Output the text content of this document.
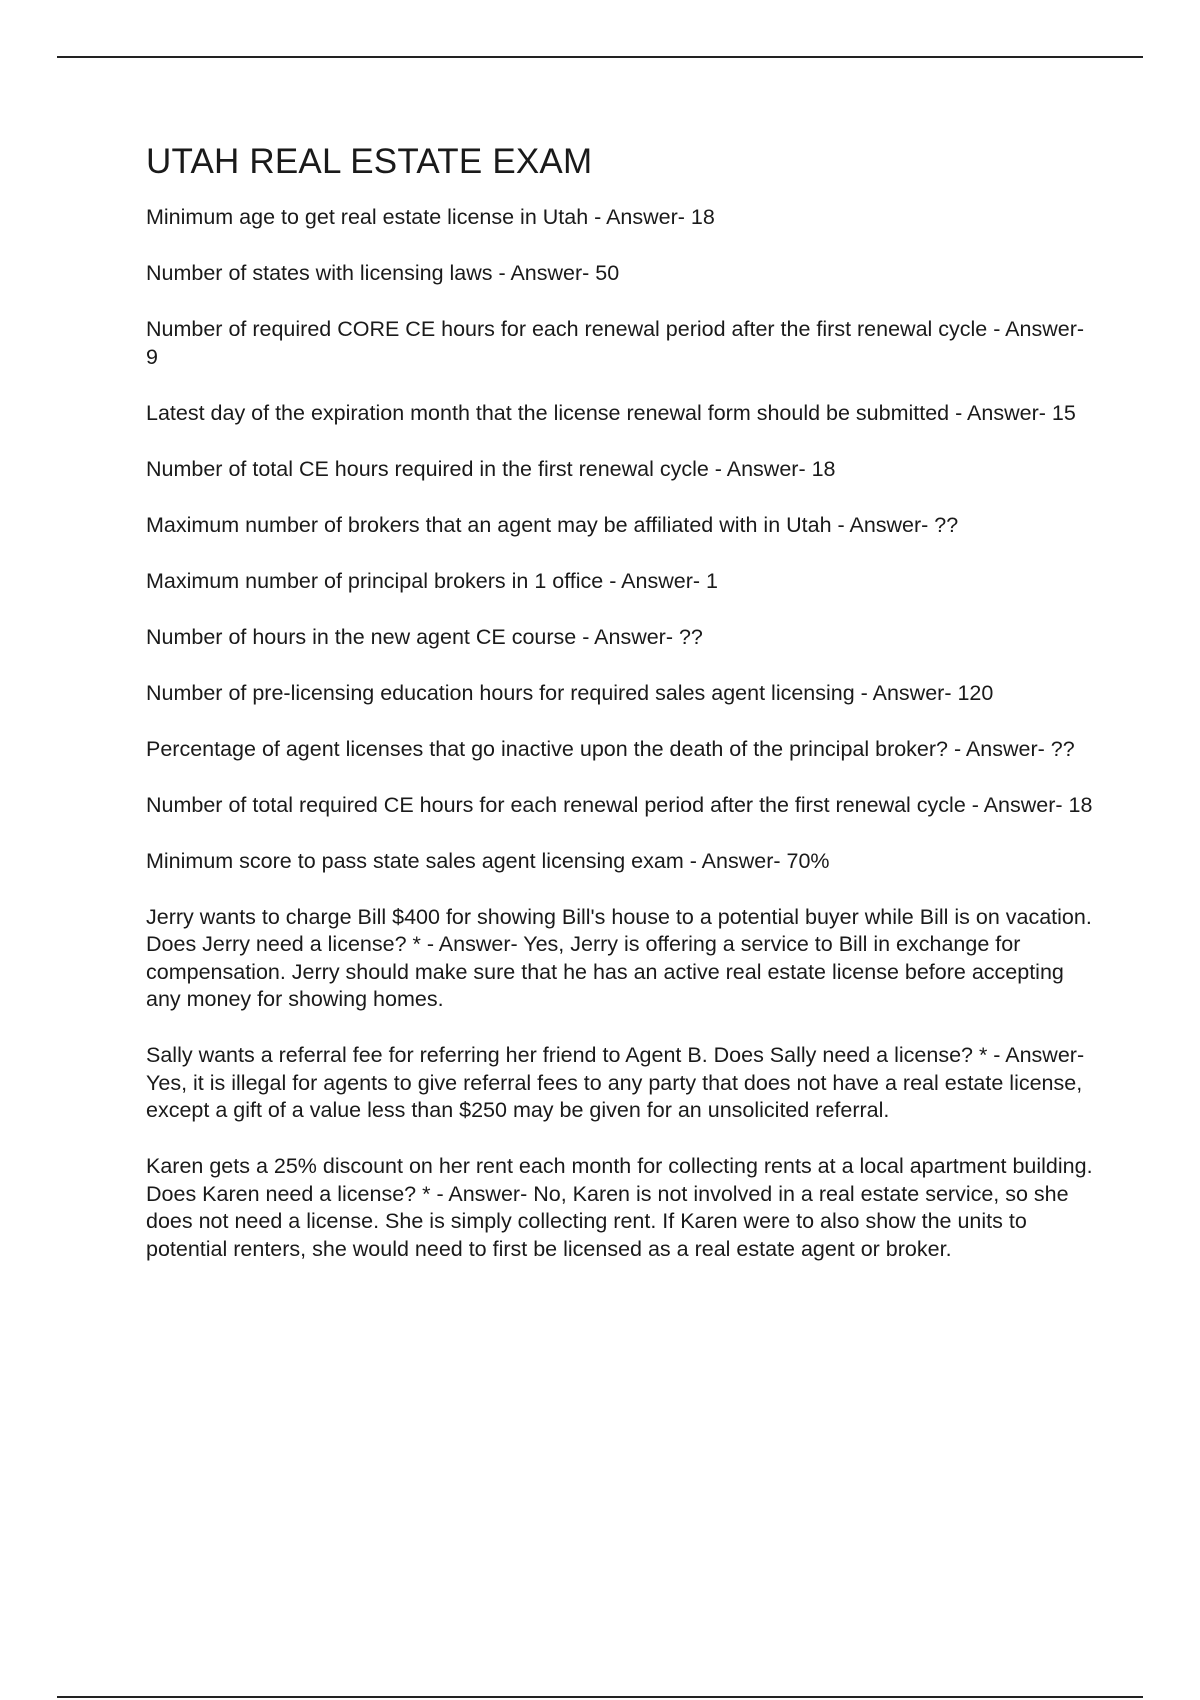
UTAH REAL ESTATE EXAM

Minimum age to get real estate license in Utah - Answer- 18

Number of states with licensing laws - Answer- 50

Number of required CORE CE hours for each renewal period after the first renewal cycle - Answer- 9

Latest day of the expiration month that the license renewal form should be submitted - Answer- 15

Number of total CE hours required in the first renewal cycle - Answer- 18

Maximum number of brokers that an agent may be affiliated with in Utah - Answer- ??

Maximum number of principal brokers in 1 office - Answer- 1

Number of hours in the new agent CE course - Answer- ??

Number of pre-licensing education hours for required sales agent licensing - Answer- 120

Percentage of agent licenses that go inactive upon the death of the principal broker? - Answer- ??

Number of total required CE hours for each renewal period after the first renewal cycle - Answer- 18

Minimum score to pass state sales agent licensing exam - Answer- 70%

Jerry wants to charge Bill $400 for showing Bill's house to a potential buyer while Bill is on vacation. Does Jerry need a license? * - Answer- Yes, Jerry is offering a service to Bill in exchange for compensation. Jerry should make sure that he has an active real estate license before accepting any money for showing homes.

Sally wants a referral fee for referring her friend to Agent B. Does Sally need a license? * - Answer- Yes, it is illegal for agents to give referral fees to any party that does not have a real estate license, except a gift of a value less than $250 may be given for an unsolicited referral.

Karen gets a 25% discount on her rent each month for collecting rents at a local apartment building. Does Karen need a license? * - Answer- No, Karen is not involved in a real estate service, so she does not need a license. She is simply collecting rent. If Karen were to also show the units to potential renters, she would need to first be licensed as a real estate agent or broker.
